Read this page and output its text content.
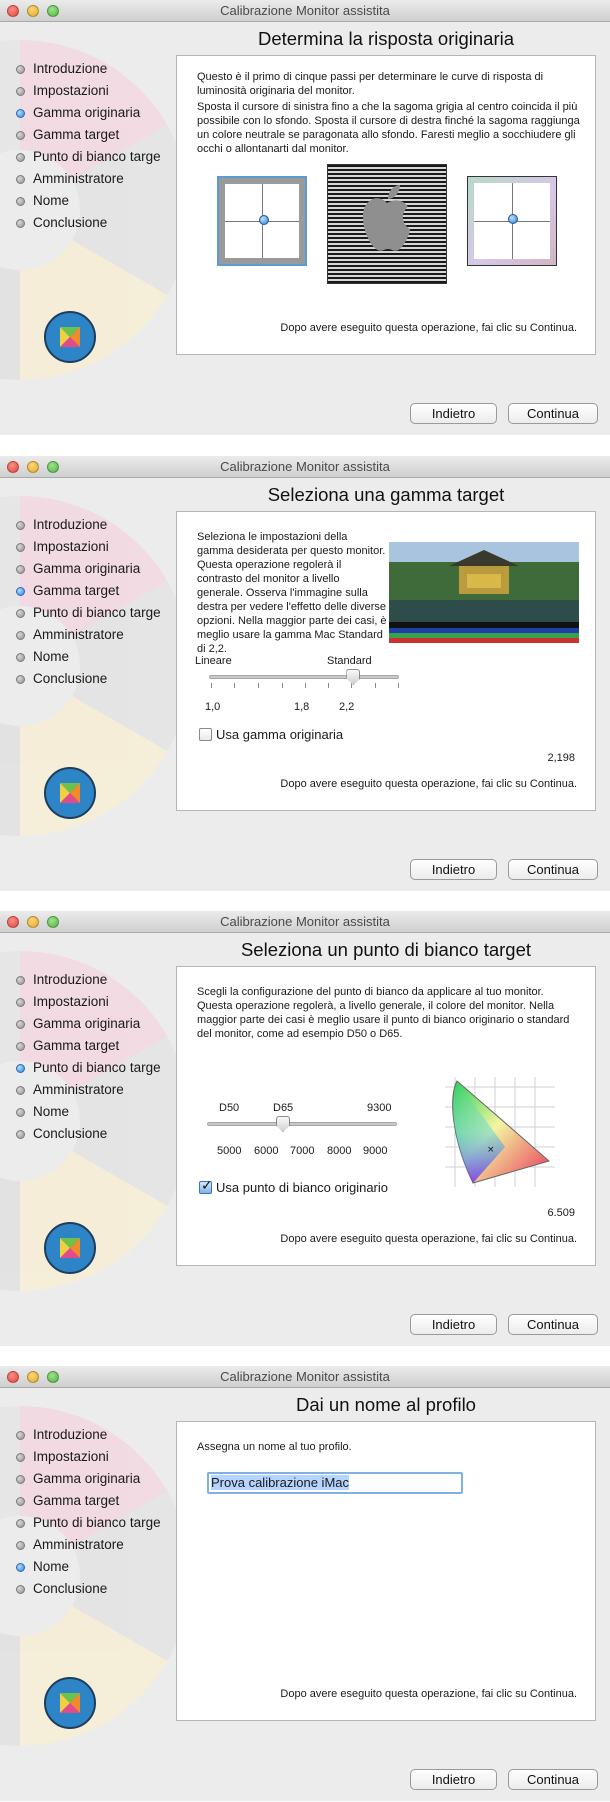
Calibrazione Monitor assistita
Introduzione
Impostazioni
Gamma originaria
Gamma target
Punto di bianco targe
Amministratore
Nome
Conclusione
Determina la risposta originaria
Questo è il primo di cinque passi per determinare le curve di risposta di luminosità originaria del monitor.
Sposta il cursore di sinistra fino a che la sagoma grigia al centro coincida il più possibile con lo sfondo. Sposta il cursore di destra finché la sagoma raggiunga un colore neutrale se paragonata allo sfondo. Faresti meglio a socchiudere gli occhi o allontanarti dal monitor.
Dopo avere eseguito questa operazione, fai clic su Continua.
Indietro	Continua
Calibrazione Monitor assistita
Introduzione
Impostazioni
Gamma originaria
Gamma target
Punto di bianco targe
Amministratore
Nome
Conclusione
Seleziona una gamma target
Seleziona le impostazioni della gamma desiderata per questo monitor. Questa operazione regolerà il contrasto del monitor a livello generale. Osserva l'immagine sulla destra per vedere l'effetto delle diverse opzioni. Nella maggior parte dei casi, è meglio usare la gamma Mac Standard di 2,2.
Lineare	Standard
1,0	1,8	2,2
Usa gamma originaria
2,198
Dopo avere eseguito questa operazione, fai clic su Continua.
Indietro	Continua
Calibrazione Monitor assistita
Introduzione
Impostazioni
Gamma originaria
Gamma target
Punto di bianco targe
Amministratore
Nome
Conclusione
Seleziona un punto di bianco target
Scegli la configurazione del punto di bianco da applicare al tuo monitor. Questa operazione regolerà, a livello generale, il colore del monitor. Nella maggior parte dei casi è meglio usare il punto di bianco originario o standard del monitor, come ad esempio D50 o D65.
D50	D65	9300
5000 6000 7000 8000 9000
✓
Usa punto di bianco originario
×
6.509
Dopo avere eseguito questa operazione, fai clic su Continua.
Indietro	Continua
Calibrazione Monitor assistita
Introduzione
Impostazioni
Gamma originaria
Gamma target
Punto di bianco targe
Amministratore
Nome
Conclusione
Dai un nome al profilo
Assegna un nome al tuo profilo.
Prova calibrazione iMac
Dopo avere eseguito questa operazione, fai clic su Continua.
Indietro	Continua
